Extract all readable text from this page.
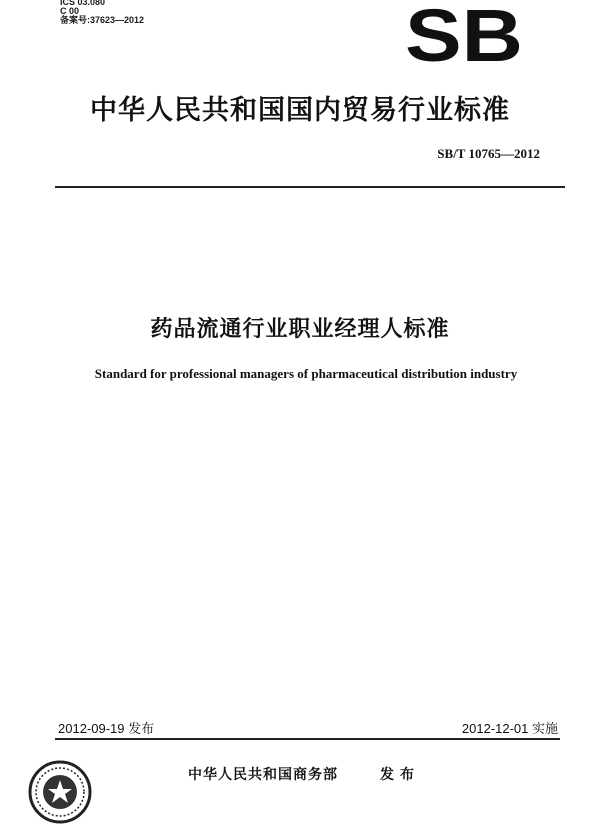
ICS 03.080
C 00
备案号:37623—2012	SB
中华人民共和国国内贸易行业标准
SB/T 10765—2012
药品流通行业职业经理人标准
Standard for professional managers of pharmaceutical distribution industry
2012-09-19 发布	2012-12-01 实施
中华人民共和国商务部	发布
